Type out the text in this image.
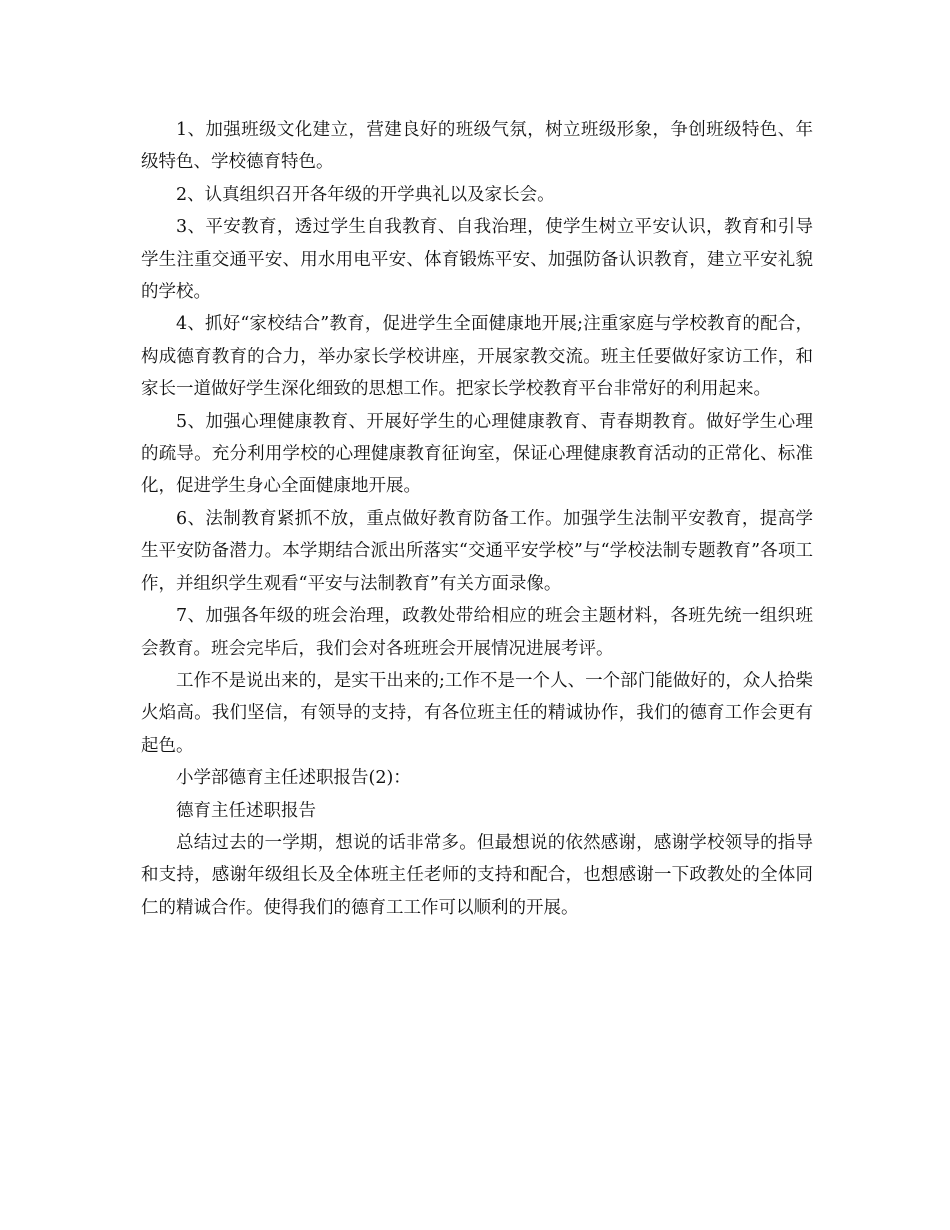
1、加强班级文化建立，营建良好的班级气氛，树立班级形象，争创班级特色、年级特色、学校德育特色。

2、认真组织召开各年级的开学典礼以及家长会。

3、平安教育，透过学生自我教育、自我治理，使学生树立平安认识，教育和引导学生注重交通平安、用水用电平安、体育锻炼平安、加强防备认识教育，建立平安礼貌的学校。

4、抓好“家校结合”教育，促进学生全面健康地开展;注重家庭与学校教育的配合，构成德育教育的合力，举办家长学校讲座，开展家教交流。班主任要做好家访工作，和家长一道做好学生深化细致的思想工作。把家长学校教育平台非常好的利用起来。

5、加强心理健康教育、开展好学生的心理健康教育、青春期教育。做好学生心理的疏导。充分利用学校的心理健康教育征询室，保证心理健康教育活动的正常化、标准化，促进学生身心全面健康地开展。

6、法制教育紧抓不放，重点做好教育防备工作。加强学生法制平安教育，提高学生平安防备潜力。本学期结合派出所落实“交通平安学校”与“学校法制专题教育”各项工作，并组织学生观看“平安与法制教育”有关方面录像。

7、加强各年级的班会治理，政教处带给相应的班会主题材料，各班先统一组织班会教育。班会完毕后，我们会对各班班会开展情况进展考评。

工作不是说出来的，是实干出来的;工作不是一个人、一个部门能做好的，众人拾柴火焰高。我们坚信，有领导的支持，有各位班主任的精诚协作，我们的德育工作会更有起色。

小学部德育主任述职报告(2)：

德育主任述职报告

总结过去的一学期，想说的话非常多。但最想说的依然感谢，感谢学校领导的指导和支持，感谢年级组长及全体班主任老师的支持和配合，也想感谢一下政教处的全体同仁的精诚合作。使得我们的德育工工作可以顺利的开展。
